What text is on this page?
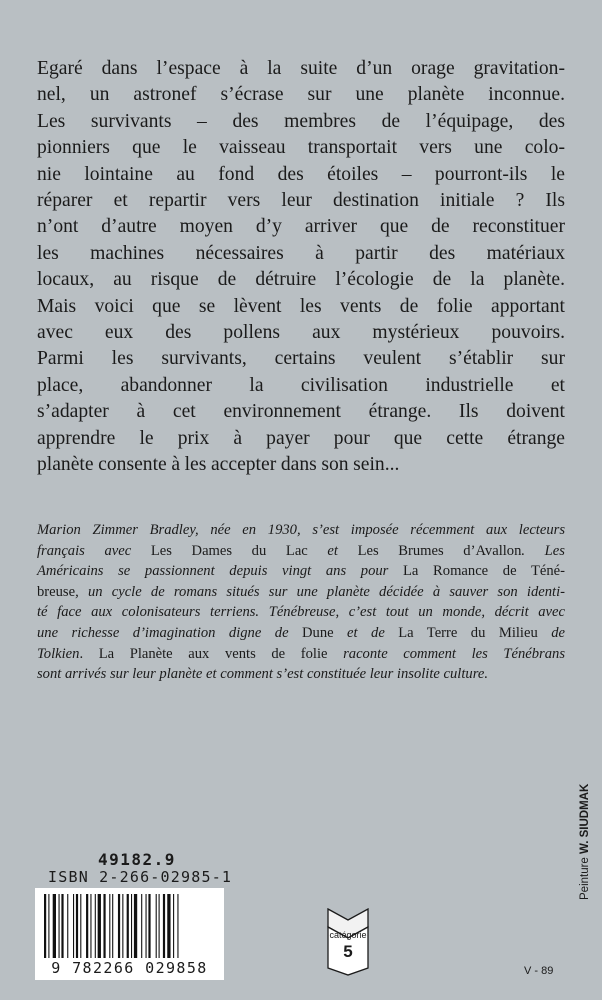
Egaré dans l’espace à la suite d’un orage gravitation-
nel, un astronef s’écrase sur une planète inconnue.
Les survivants – des membres de l’équipage, des
pionniers que le vaisseau transportait vers une colo-
nie lointaine au fond des étoiles – pourront-ils le
réparer et repartir vers leur destination initiale ? Ils
n’ont d’autre moyen d’y arriver que de reconstituer
les machines nécessaires à partir des matériaux
locaux, au risque de détruire l’écologie de la planète.
Mais voici que se lèvent les vents de folie apportant
avec eux des pollens aux mystérieux pouvoirs.
Parmi les survivants, certains veulent s’établir sur
place, abandonner la civilisation industrielle et
s’adapter à cet environnement étrange. Ils doivent
apprendre le prix à payer pour que cette étrange
planète consente à les accepter dans son sein...
Marion Zimmer Bradley, née en 1930, s’est imposée récemment aux lecteurs
français avec Les Dames du Lac et Les Brumes d’Avallon. Les
Américains se passionnent depuis vingt ans pour La Romance de Téné-
breuse, un cycle de romans situés sur une planète décidée à sauver son identi-
té face aux colonisateurs terriens. Ténébreuse, c’est tout un monde, décrit avec
une richesse d’imagination digne de Dune et de La Terre du Milieu de
Tolkien. La Planète aux vents de folie raconte comment les Ténébrans
sont arrivés sur leur planète et comment s’est constituée leur insolite culture.
49182.9
ISBN 2-266-02985-1
9 782266 029858
catégorie
5
Peinture W. SIUDMAK
V - 89
